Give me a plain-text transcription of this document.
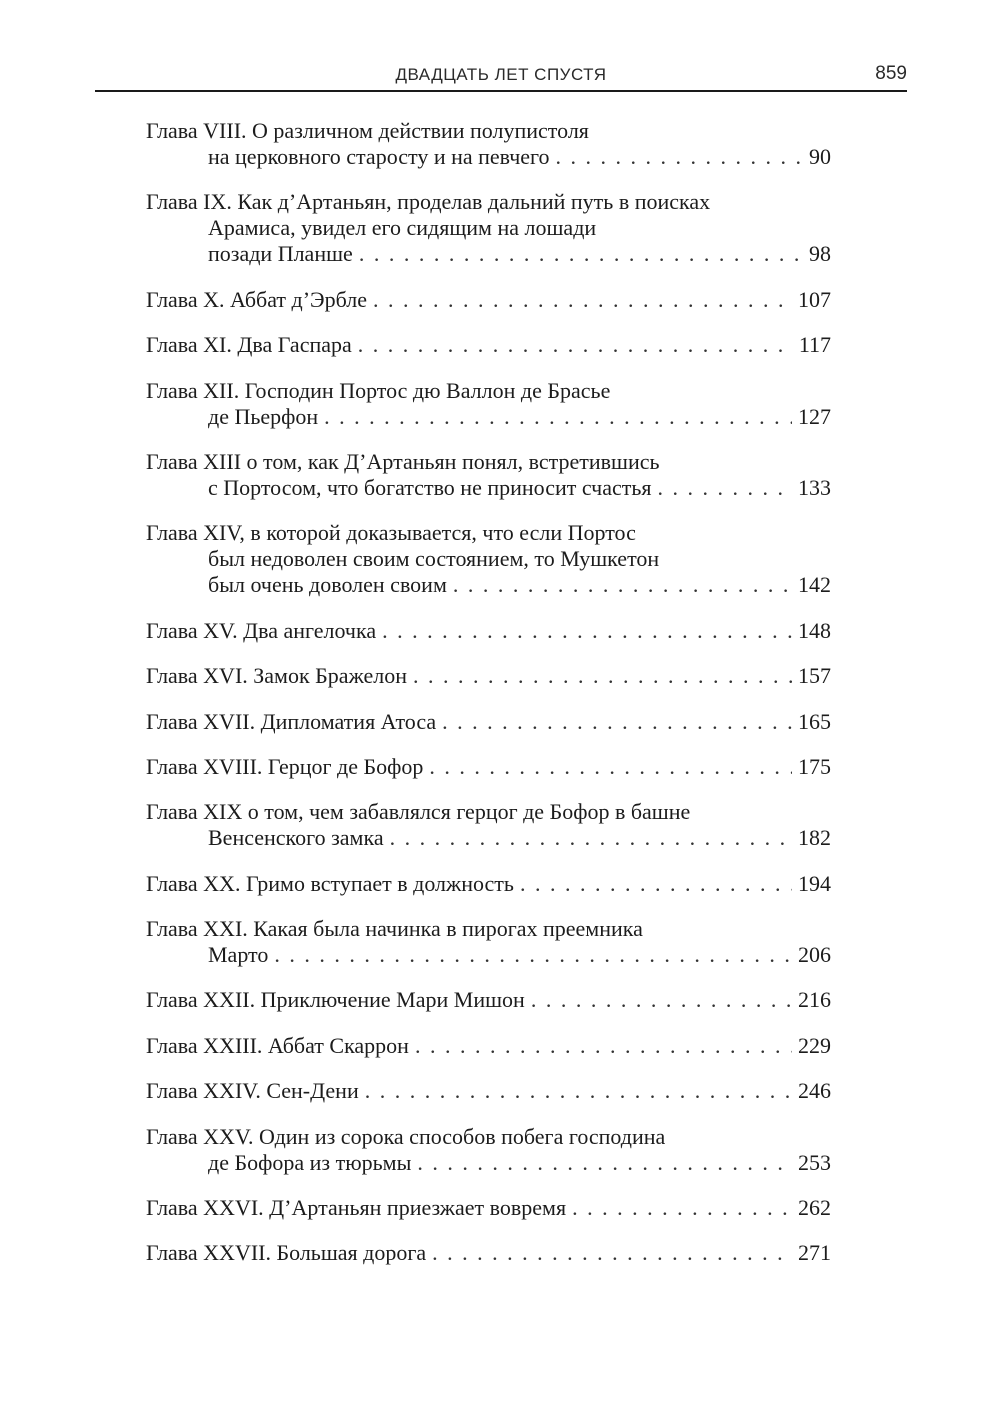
ДВАДЦАТЬ ЛЕТ СПУСТЯ	859
Глава VIII. О различном действии полупистоля
на церковного старосту и на певчего . . .	90
Глава IX. Как д’Артаньян, проделав дальний путь в поисках
Арамиса, увидел его сидящим на лошади
позади Планше . . .	98
Глава X. Аббат д’Эрбле . . .	107
Глава XI. Два Гаспара . . .	117
Глава XII. Господин Портос дю Валлон де Брасье
де Пьерфон . . .	127
Глава XIII о том, как Д’Артаньян понял, встретившись
с Портосом, что богатство не приносит счастья . . .	133
Глава XIV, в которой доказывается, что если Портос
был недоволен своим состоянием, то Мушкетон
был очень доволен своим . . .	142
Глава XV. Два ангелочка . . .	148
Глава XVI. Замок Бражелон . . .	157
Глава XVII. Дипломатия Атоса . . .	165
Глава XVIII. Герцог де Бофор . . .	175
Глава XIX о том, чем забавлялся герцог де Бофор в башне
Венсенского замка . . .	182
Глава XX. Гримо вступает в должность . . .	194
Глава XXI. Какая была начинка в пирогах преемника
Марто . . .	206
Глава XXII. Приключение Мари Мишон . . .	216
Глава XXIII. Аббат Скаррон . . .	229
Глава XXIV. Сен-Дени . . .	246
Глава XXV. Один из сорока способов побега господина
де Бофора из тюрьмы . . .	253
Глава XXVI. Д’Артаньян приезжает вовремя . . .	262
Глава XXVII. Большая дорога . . .	271
